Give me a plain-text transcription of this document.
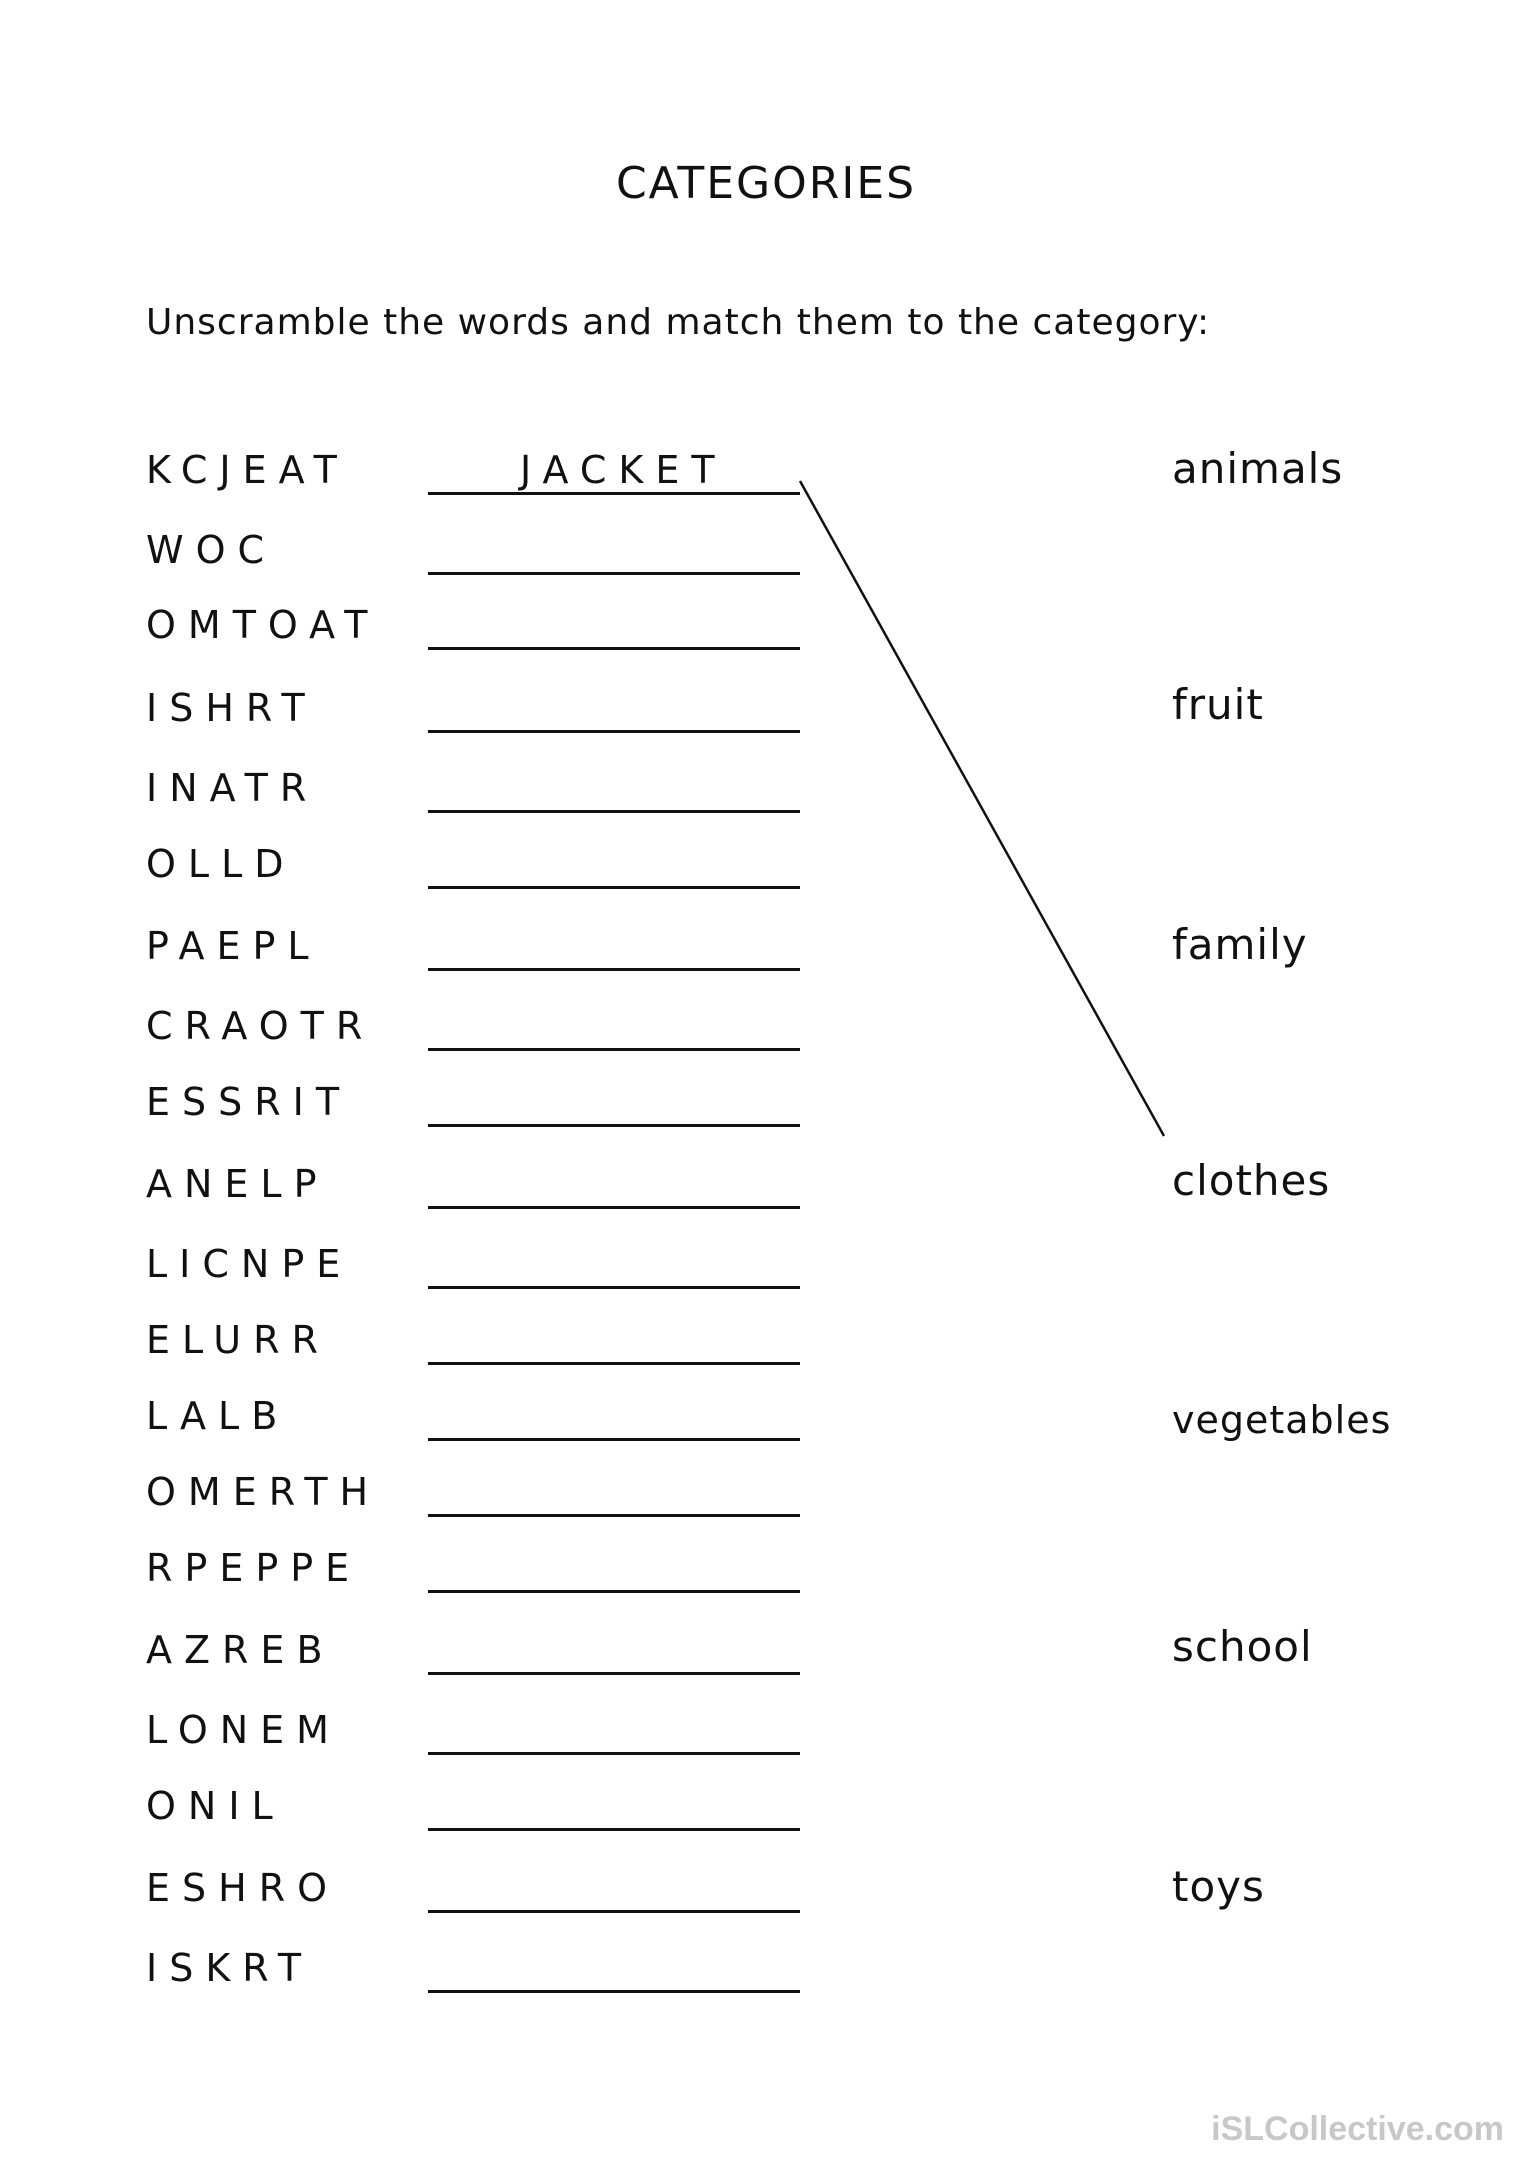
CATEGORIES
Unscramble the words and match them to the category:
KCJEAT	JACKET
WOC
OMTOAT
ISHRT
INATR
OLLD
PAEPL
CRAOTR
ESSRIT
ANELP
LICNPE
ELURR
LALB
OMERTH
RPEPPE
AZREB
LONEM
ONIL
ESHRO
ISKRT
animals
fruit
family
clothes
vegetables
school
toys
iSLCollective.com
